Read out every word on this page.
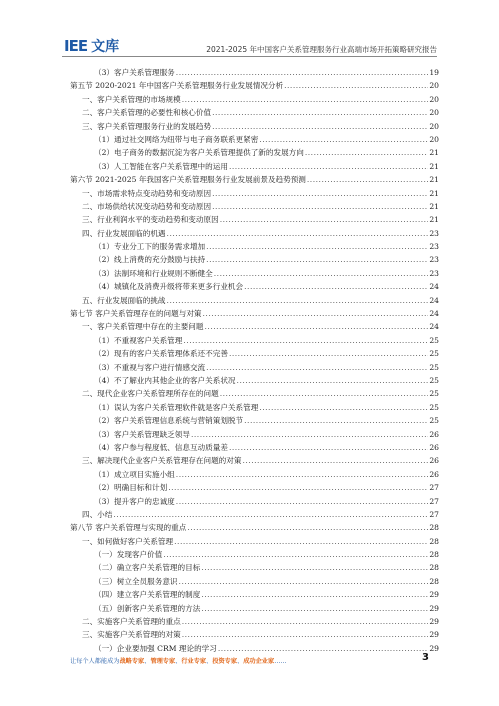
IEE 文库	2021-2025 年中国客户关系管理服务行业高端市场开拓策略研究报告
（3）客户关系管理服务 .....	19
第五节 2020-2021 年中国客户关系管理服务行业发展情况分析 .....	20
一、客户关系管理的市场规模 .....	20
二、客户关系管理的必要性和核心价值 .....	20
三、客户关系管理服务行业的发展趋势 .....	20
（1）通过社交网络为纽带与电子商务联系更紧密 .....	20
（2）电子商务的数据沉淀为客户关系管理提供了新的发展方向 .....	21
（3）人工智能在客户关系管理中的运用 .....	21
第六节 2021-2025 年我国客户关系管理服务行业发展前景及趋势预测 .....	21
一、市场需求特点变动趋势和变动原因 .....	21
二、市场供给状况变动趋势和变动原因 .....	21
三、行业利润水平的变动趋势和变动原因 .....	21
四、行业发展面临的机遇 .....	23
（1）专业分工下的服务需求增加 .....	23
（2）线上消费的充分鼓励与扶持 .....	23
（3）法制环境和行业规则不断健全 .....	23
（4）城镇化及消费升级将带来更多行业机会 .....	24
五、行业发展面临的挑战 .....	24
第七节 客户关系管理存在的问题与对策 .....	24
一、客户关系管理中存在的主要问题 .....	24
（1）不重视客户关系管理 .....	25
（2）现有的客户关系管理体系还不完善 .....	25
（3）不重视与客户进行情感交流 .....	25
（4）不了解业内其他企业的客户关系状况 .....	25
二、现代企业客户关系管理所存在的问题 .....	25
（1）误认为客户关系管理软件就是客户关系管理 .....	25
（2）客户关系管理信息系统与营销策划脱节 .....	25
（3）客户关系管理缺乏领导 .....	26
（4）客户参与程度低、信息互动质量差 .....	26
三、解决现代企业客户关系管理存在问题的对策 .....	26
（1）成立项目实施小组 .....	26
（2）明确目标和计划 .....	27
（3）提升客户的忠诚度 .....	27
四、小结 .....	27
第八节 客户关系管理与实现的重点 .....	28
一、如何做好客户关系管理 .....	28
（一）发现客户价值 .....	28
（二）确立客户关系管理的目标 .....	28
（三）树立全员服务意识 .....	28
（四）建立客户关系管理的制度 .....	29
（五）创新客户关系管理的方法 .....	29
二、实施客户关系管理的重点 .....	29
三、实施客户关系管理的对策 .....	29
（一）企业要加强 CRM 理论的学习 .....	29
让每个人都能成为战略专家、管理专家、行业专家、投资专家、成功企业家……	3
